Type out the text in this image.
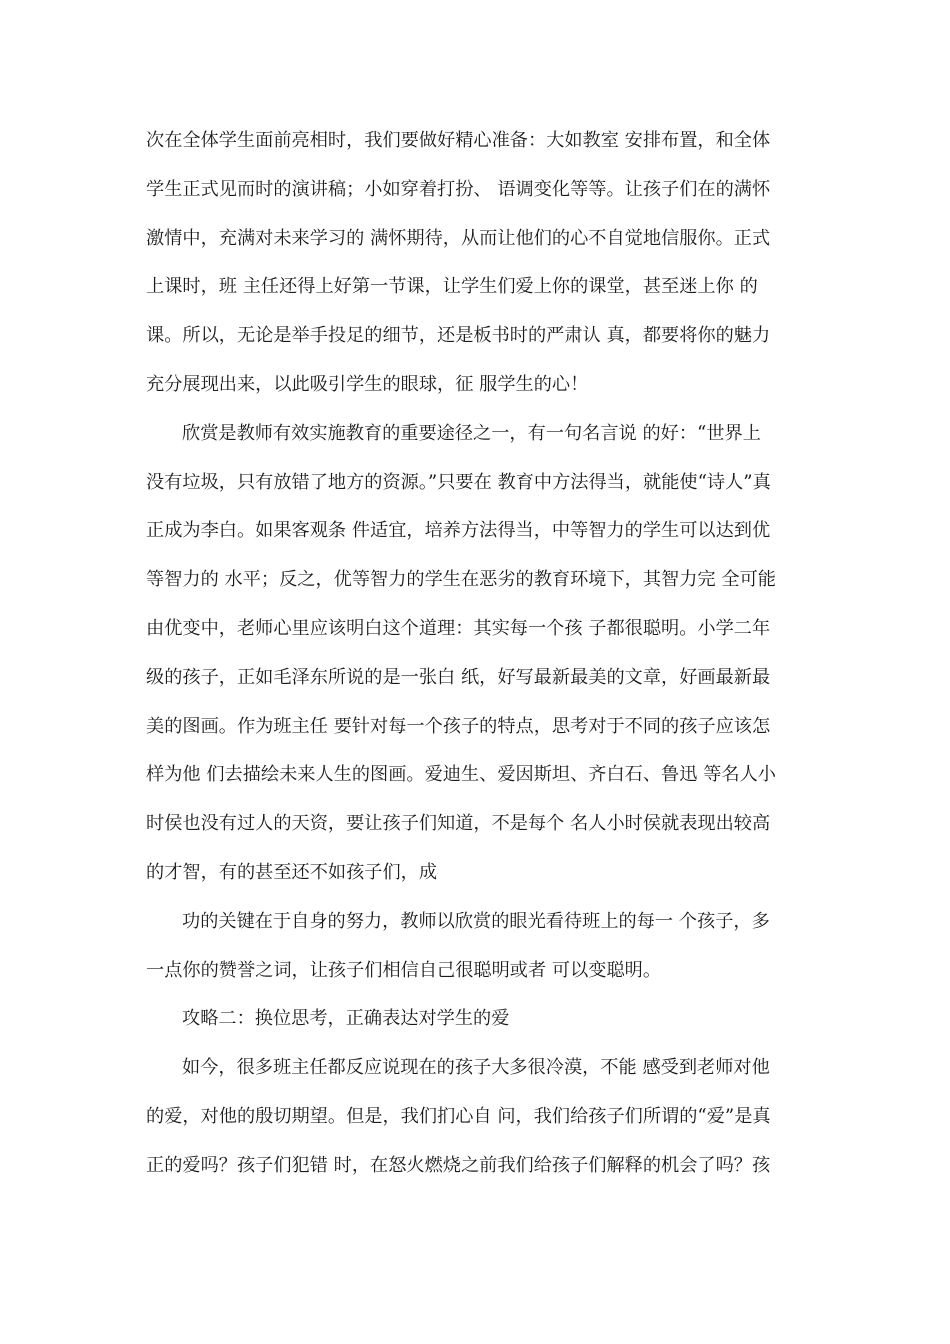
次在全体学生面前亮相时，我们要做好精心准备：大如教室 安排布置，和全体
学生正式见而时的演讲稿；小如穿着打扮、 语调变化等等。让孩子们在的满怀
激情中，充满对未来学习的 满怀期待，从而让他们的心不自觉地信服你。正式
上课时，班 主任还得上好第一节课，让学生们爱上你的课堂，甚至迷上你 的
课。所以，无论是举手投足的细节，还是板书时的严肃认 真，都要将你的魅力
充分展现出来，以此吸引学生的眼球，征 服学生的心！
欣赏是教师有效实施教育的重要途径之一，有一句名言说 的好：“世界上
没有垃圾，只有放错了地方的资源。”只要在 教育中方法得当，就能使“诗人”真
正成为李白。如果客观条 件适宜，培养方法得当，中等智力的学生可以达到优
等智力的 水平；反之，优等智力的学生在恶劣的教育环境下，其智力完 全可能
由优变中，老师心里应该明白这个道理：其实每一个孩 子都很聪明。小学二年
级的孩子，正如毛泽东所说的是一张白 纸，好写最新最美的文章，好画最新最
美的图画。作为班主任 要针对每一个孩子的特点，思考对于不同的孩子应该怎
样为他 们去描绘未来人生的图画。爱迪生、爱因斯坦、齐白石、鲁迅 等名人小
时侯也没有过人的天资，要让孩子们知道，不是每个 名人小时侯就表现出较高
的才智，有的甚至还不如孩子们，成
功的关键在于自身的努力，教师以欣赏的眼光看待班上的每一 个孩子，多
一点你的赞誉之词，让孩子们相信自己很聪明或者 可以变聪明。
攻略二：换位思考，正确表达对学生的爱
如今，很多班主任都反应说现在的孩子大多很冷漠，不能 感受到老师对他
的爱，对他的殷切期望。但是，我们扪心自 问，我们给孩子们所谓的“爱”是真
正的爱吗？孩子们犯错 时，在怒火燃烧之前我们给孩子们解释的机会了吗？孩
